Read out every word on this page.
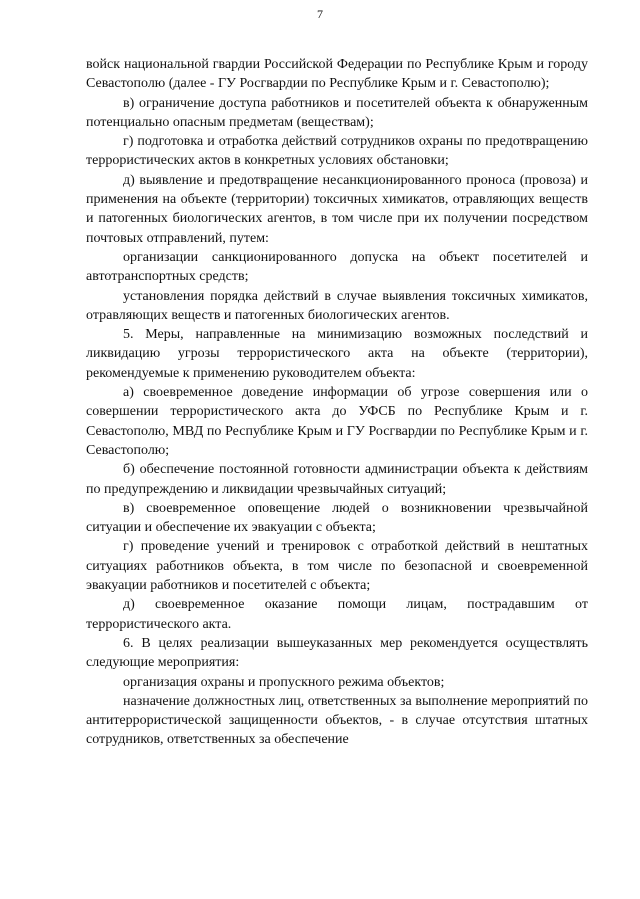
7

войск национальной гвардии Российской Федерации по Республике Крым и городу Севастополю (далее - ГУ Росгвардии по Республике Крым и г. Севастополю);

в) ограничение доступа работников и посетителей объекта к обнаруженным потенциально опасным предметам (веществам);

г) подготовка и отработка действий сотрудников охраны по предотвращению террористических актов в конкретных условиях обстановки;

д) выявление и предотвращение несанкционированного проноса (провоза) и применения на объекте (территории) токсичных химикатов, отравляющих веществ и патогенных биологических агентов, в том числе при их получении посредством почтовых отправлений, путем:

организации санкционированного допуска на объект посетителей и автотранспортных средств;

установления порядка действий в случае выявления токсичных химикатов, отравляющих веществ и патогенных биологических агентов.

5. Меры, направленные на минимизацию возможных последствий и ликвидацию угрозы террористического акта на объекте (территории), рекомендуемые к применению руководителем объекта:

а) своевременное доведение информации об угрозе совершения или о совершении террористического акта до УФСБ по Республике Крым и г. Севастополю, МВД по Республике Крым и ГУ Росгвардии по Республике Крым и г. Севастополю;

б) обеспечение постоянной готовности администрации объекта к действиям по предупреждению и ликвидации чрезвычайных ситуаций;

в) своевременное оповещение людей о возникновении чрезвычайной ситуации и обеспечение их эвакуации с объекта;

г) проведение учений и тренировок с отработкой действий в нештатных ситуациях работников объекта, в том числе по безопасной и своевременной эвакуации работников и посетителей с объекта;

д) своевременное оказание помощи лицам, пострадавшим от террористического акта.

6. В целях реализации вышеуказанных мер рекомендуется осуществлять следующие мероприятия:

организация охраны и пропускного режима объектов;

назначение должностных лиц, ответственных за выполнение мероприятий по антитеррористической защищенности объектов, - в случае отсутствия штатных сотрудников, ответственных за обеспечение
